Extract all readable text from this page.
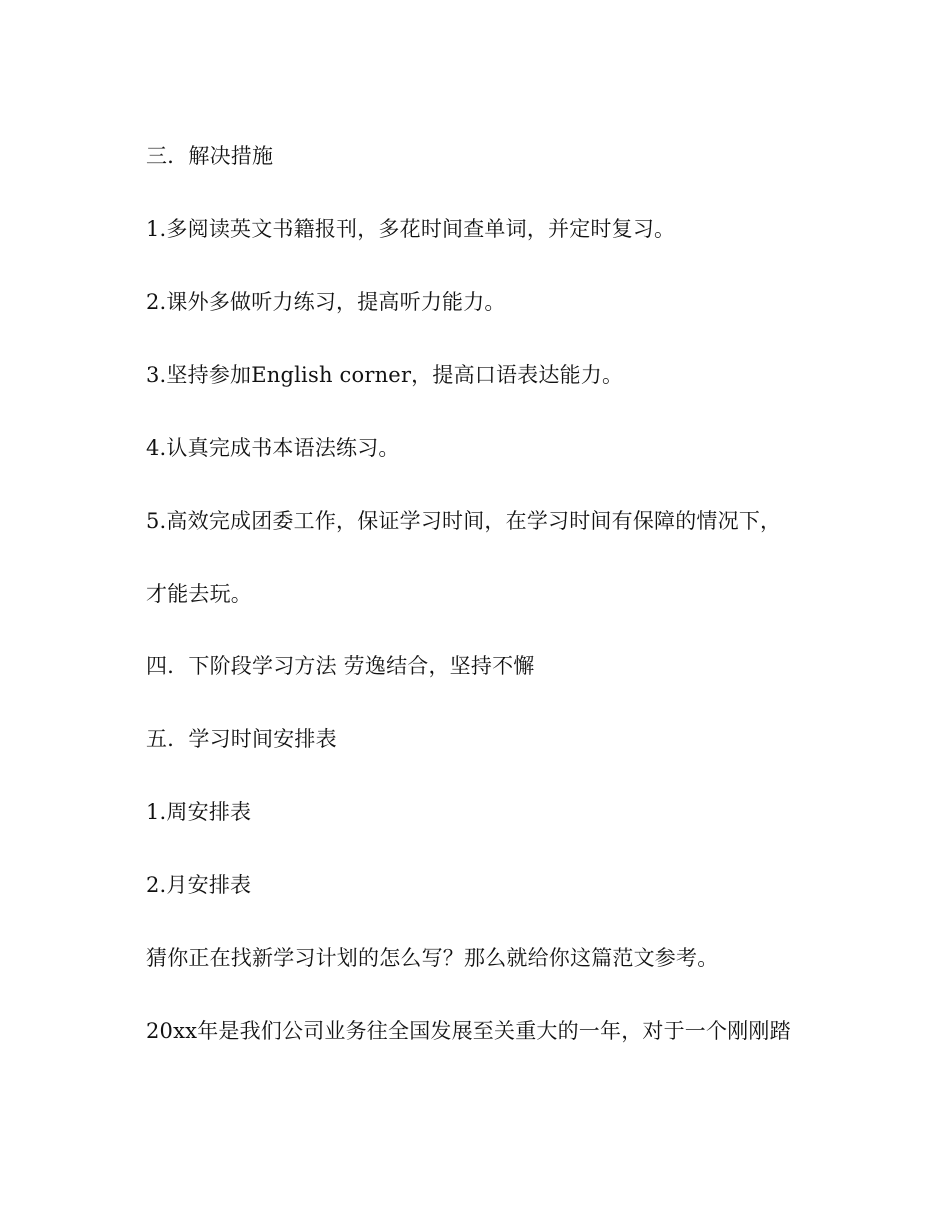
三．解决措施
1.多阅读英文书籍报刊，多花时间查单词，并定时复习。
2.课外多做听力练习，提高听力能力。
3.坚持参加English corner，提高口语表达能力。
4.认真完成书本语法练习。
5.高效完成团委工作，保证学习时间，在学习时间有保障的情况下，
才能去玩。
四．下阶段学习方法 劳逸结合，坚持不懈
五．学习时间安排表
1.周安排表
2.月安排表
猜你正在找新学习计划的怎么写？那么就给你这篇范文参考。
20xx年是我们公司业务往全国发展至关重大的一年，对于一个刚刚踏
